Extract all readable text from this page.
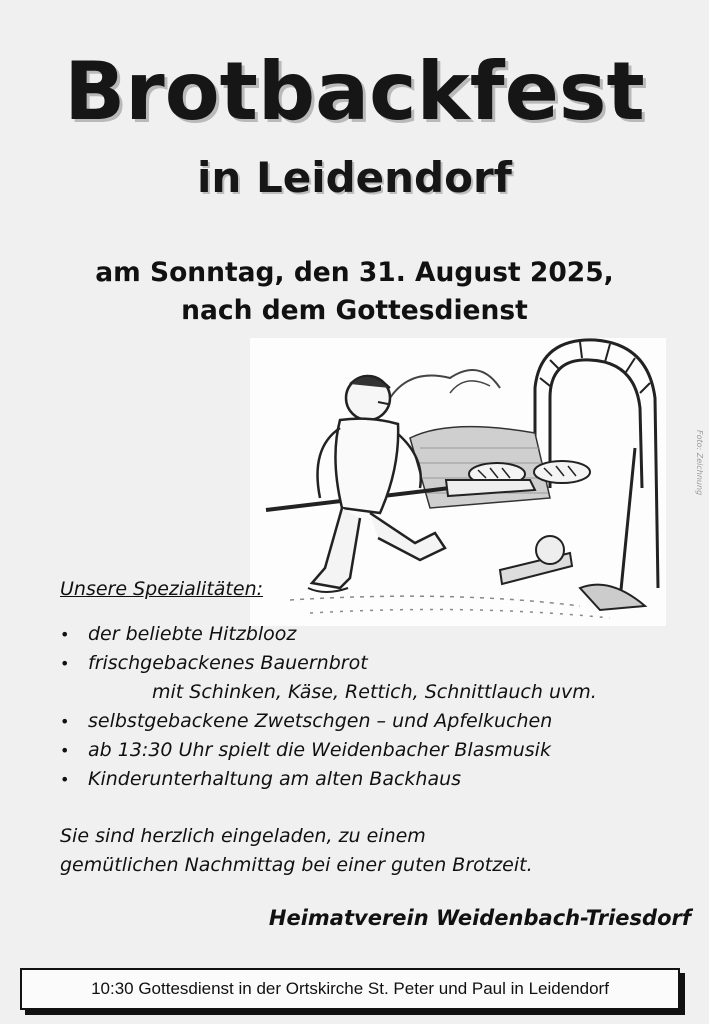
Brotbackfest
in Leidendorf
am Sonntag, den 31. August 2025,
nach dem Gottesdienst
Foto: Zeichnung
Unsere Spezialitäten:
• der beliebte Hitzblooz
• frischgebackenes Bauernbrot
mit Schinken, Käse, Rettich, Schnittlauch uvm.
• selbstgebackene Zwetschgen – und Apfelkuchen
• ab 13:30 Uhr spielt die Weidenbacher Blasmusik
• Kinderunterhaltung am alten Backhaus
Sie sind herzlich eingeladen, zu einem
gemütlichen Nachmittag bei einer guten Brotzeit.
Heimatverein Weidenbach-Triesdorf
10:30 Gottesdienst in der Ortskirche St. Peter und Paul in Leidendorf
